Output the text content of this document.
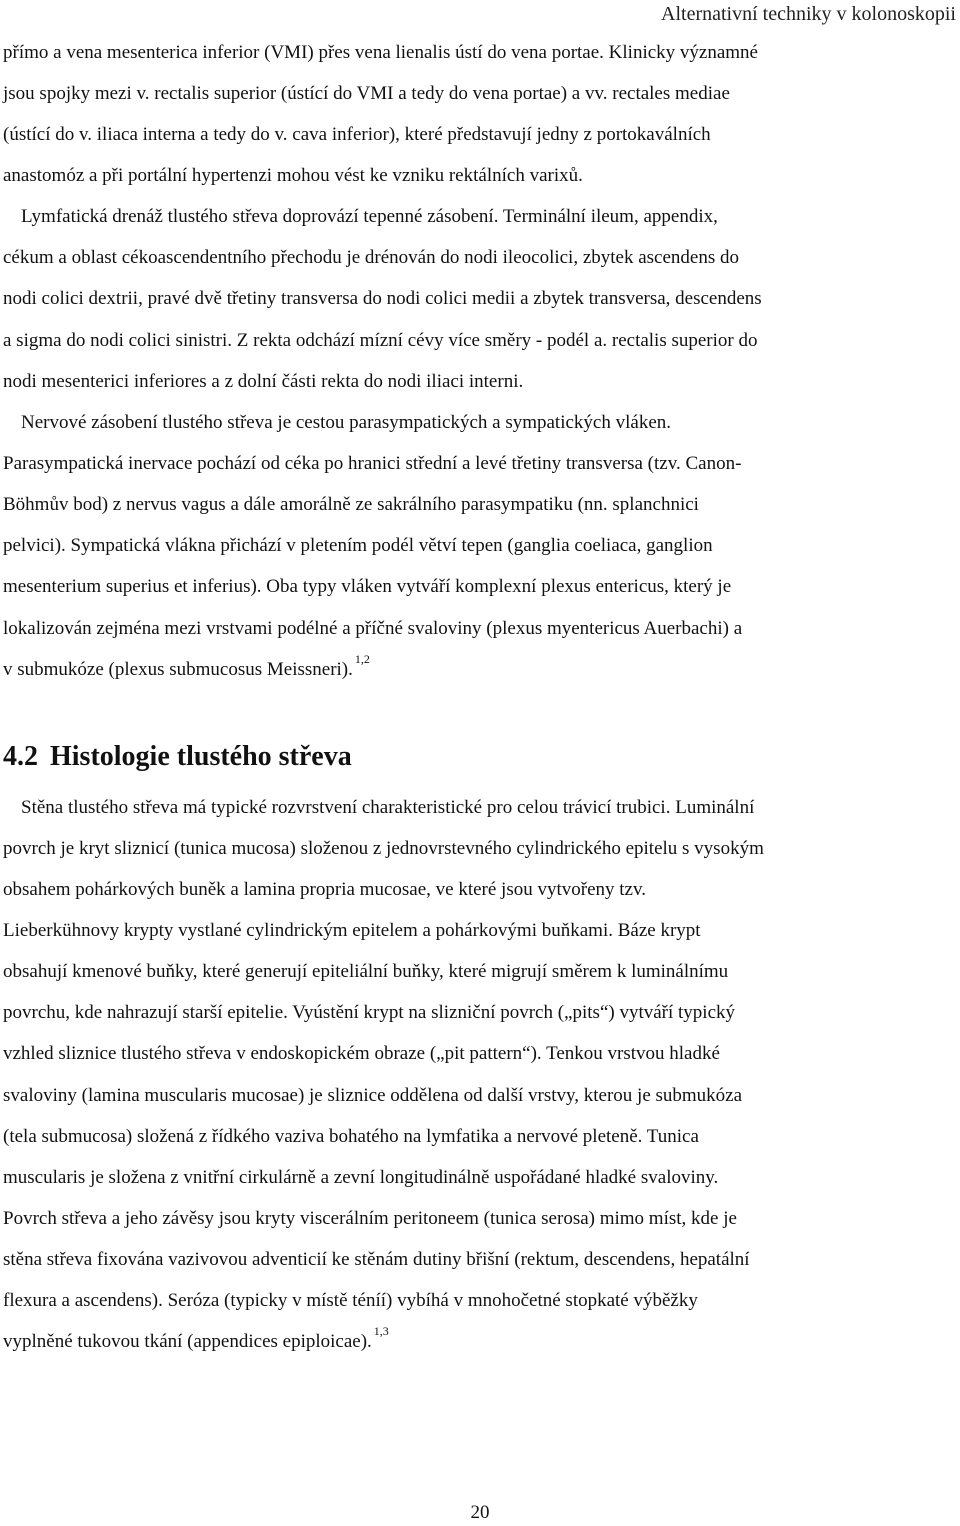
Alternativní techniky v kolonoskopii
přímo a vena mesenterica inferior (VMI) přes vena lienalis ústí do vena portae. Klinicky významné
jsou spojky mezi v. rectalis superior (ústící do VMI a tedy do vena portae) a vv. rectales mediae
(ústící do v. iliaca interna a tedy do v. cava inferior), které představují jedny z portokaválních
anastomóz a při portální hypertenzi mohou vést ke vzniku rektálních varixů.
Lymfatická drenáž tlustého střeva doprovází tepenné zásobení. Terminální ileum, appendix,
cékum a oblast cékoascendentního přechodu je drénován do nodi ileocolici, zbytek ascendens do
nodi colici dextrii, pravé dvě třetiny transversa do nodi colici medii a zbytek transversa, descendens
a sigma do nodi colici sinistri. Z rekta odchází mízní cévy více směry - podél a. rectalis superior do
nodi mesenterici inferiores a z dolní části rekta do nodi iliaci interni.
Nervové zásobení tlustého střeva je cestou parasympatických a sympatických vláken.
Parasympatická inervace pochází od céka po hranici střední a levé třetiny transversa (tzv. Canon-
Böhmův bod) z nervus vagus a dále amorálně ze sakrálního parasympatiku (nn. splanchnici
pelvici). Sympatická vlákna přichází v pletením podél větví tepen (ganglia coeliaca, ganglion
mesenterium superius et inferius). Oba typy vláken vytváří komplexní plexus entericus, který je
lokalizován zejména mezi vrstvami podélné a příčné svaloviny (plexus myentericus Auerbachi) a
v submukóze (plexus submucosus Meissneri). $^{1,2}$
4.2 Histologie tlustého střeva
Stěna tlustého střeva má typické rozvrstvení charakteristické pro celou trávicí trubici. Luminální
povrch je kryt sliznicí (tunica mucosa) složenou z jednovrstevného cylindrického epitelu s vysokým
obsahem pohárkových buněk a lamina propria mucosae, ve které jsou vytvořeny tzv.
Lieberkühnovy krypty vystlané cylindrickým epitelem a pohárkovými buňkami. Báze krypt
obsahují kmenové buňky, které generují epiteliální buňky, které migrují směrem k luminálnímu
povrchu, kde nahrazují starší epitelie. Vyústění krypt na slizniční povrch („pits“) vytváří typický
vzhled sliznice tlustého střeva v endoskopickém obraze („pit pattern“). Tenkou vrstvou hladké
svaloviny (lamina muscularis mucosae) je sliznice oddělena od další vrstvy, kterou je submukóza
(tela submucosa) složená z řídkého vaziva bohatého na lymfatika a nervové pleteně. Tunica
muscularis je složena z vnitřní cirkulárně a zevní longitudinálně uspořádané hladké svaloviny.
Povrch střeva a jeho závěsy jsou kryty viscerálním peritoneem (tunica serosa) mimo míst, kde je
stěna střeva fixována vazivovou adventicií ke stěnám dutiny břišní (rektum, descendens, hepatální
flexura a ascendens). Seróza (typicky v místě téníí) vybíhá v mnohočetné stopkaté výběžky
vyplněné tukovou tkání (appendices epiploicae). $^{1,3}$
20
